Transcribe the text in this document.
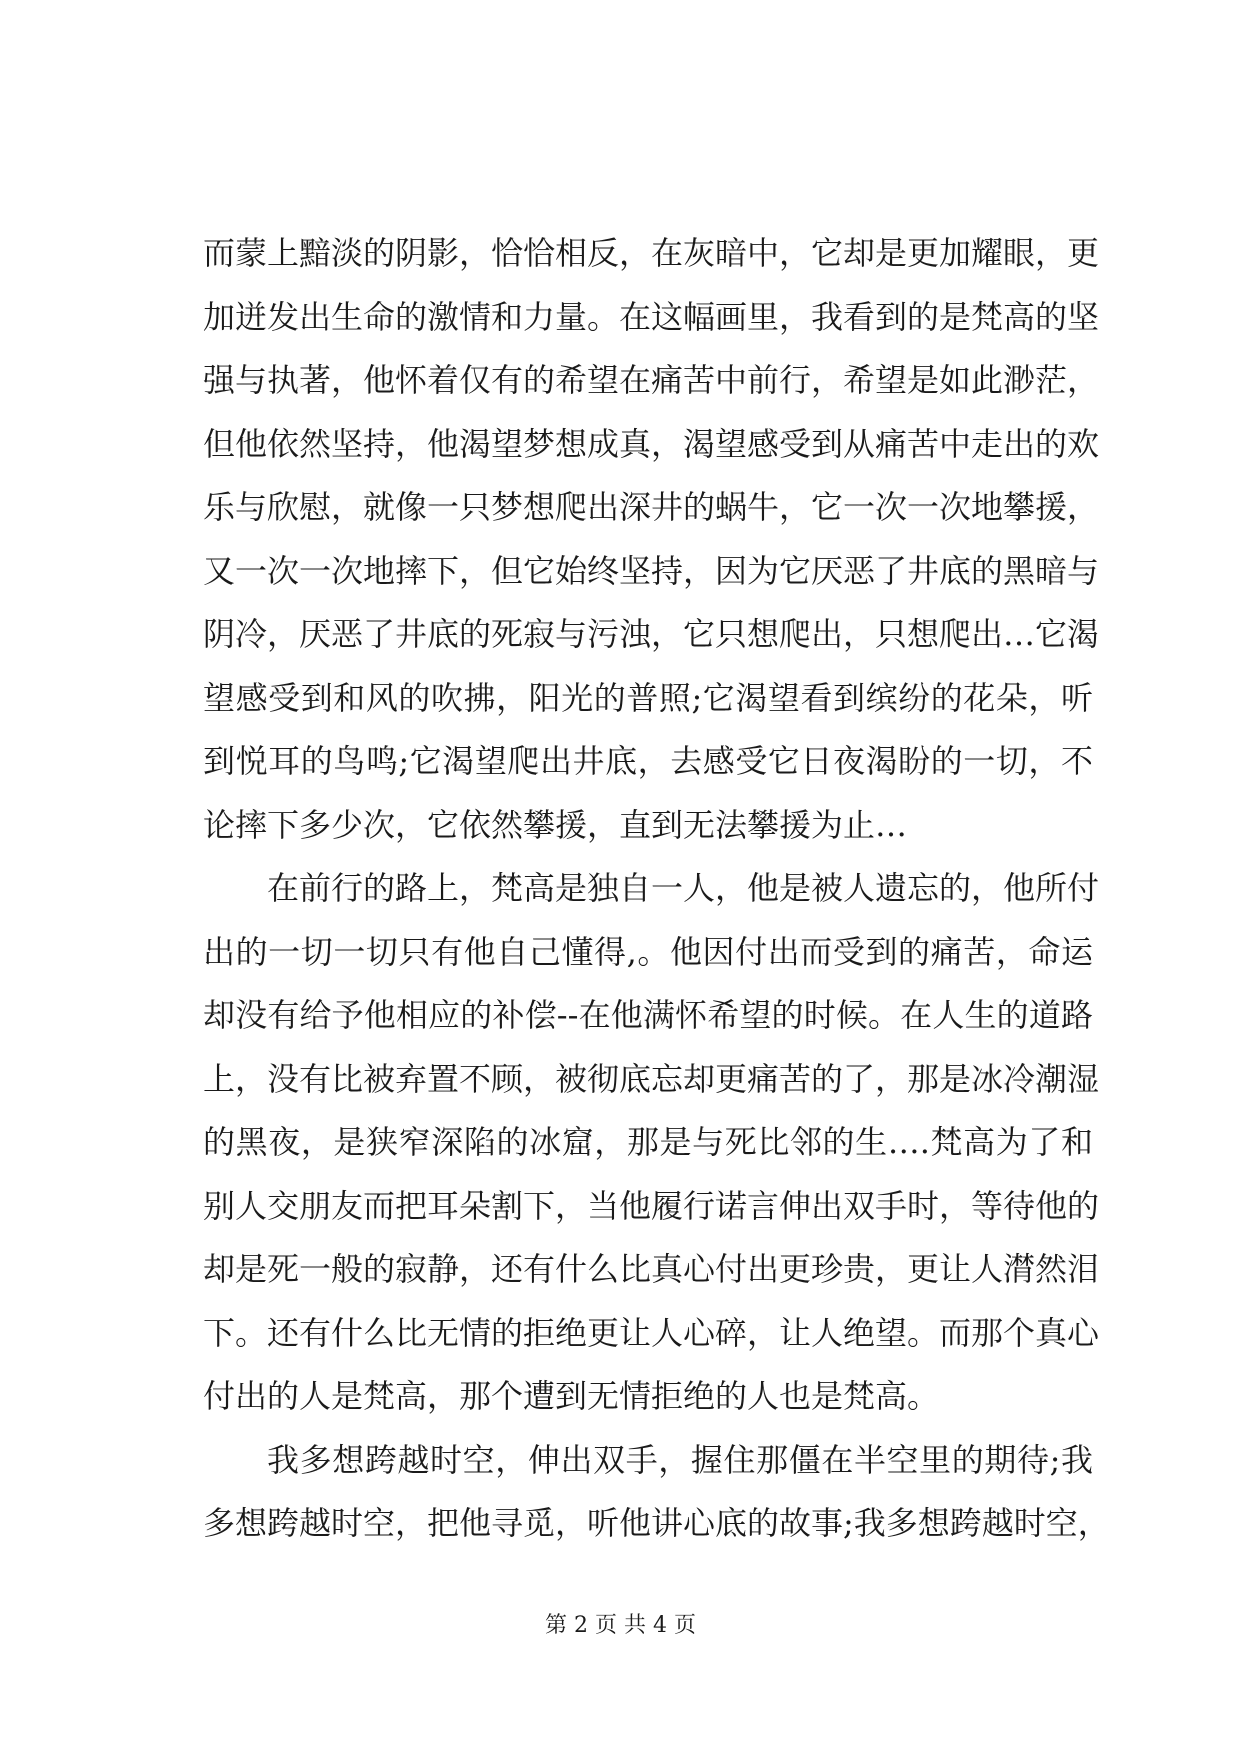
而蒙上黯淡的阴影，恰恰相反，在灰暗中，它却是更加耀眼，更
加迸发出生命的激情和力量。在这幅画里，我看到的是梵高的坚
强与执著，他怀着仅有的希望在痛苦中前行，希望是如此渺茫，
但他依然坚持，他渴望梦想成真，渴望感受到从痛苦中走出的欢
乐与欣慰，就像一只梦想爬出深井的蜗牛，它一次一次地攀援，
又一次一次地摔下，但它始终坚持，因为它厌恶了井底的黑暗与
阴冷，厌恶了井底的死寂与污浊，它只想爬出，只想爬出…它渴
望感受到和风的吹拂，阳光的普照;它渴望看到缤纷的花朵，听
到悦耳的鸟鸣;它渴望爬出井底，去感受它日夜渴盼的一切，不
论摔下多少次，它依然攀援，直到无法攀援为止…
在前行的路上，梵高是独自一人，他是被人遗忘的，他所付
出的一切一切只有他自己懂得,。他因付出而受到的痛苦，命运
却没有给予他相应的补偿--在他满怀希望的时候。在人生的道路
上，没有比被弃置不顾，被彻底忘却更痛苦的了，那是冰冷潮湿
的黑夜，是狭窄深陷的冰窟，那是与死比邻的生….梵高为了和
别人交朋友而把耳朵割下，当他履行诺言伸出双手时，等待他的
却是死一般的寂静，还有什么比真心付出更珍贵，更让人潸然泪
下。还有什么比无情的拒绝更让人心碎，让人绝望。而那个真心
付出的人是梵高，那个遭到无情拒绝的人也是梵高。
我多想跨越时空，伸出双手，握住那僵在半空里的期待;我
多想跨越时空，把他寻觅，听他讲心底的故事;我多想跨越时空，
第 2 页 共 4 页
